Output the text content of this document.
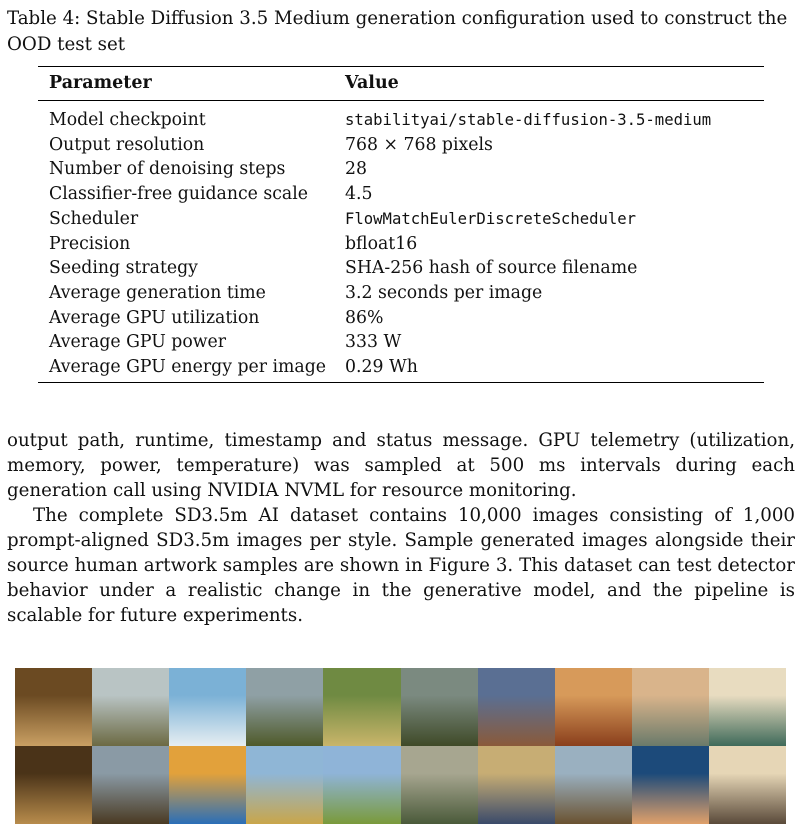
Table 4: Stable Diffusion 3.5 Medium generation configuration used to construct the OOD test set
Parameter	Value
Model checkpoint	stabilityai/stable-diffusion-3.5-medium
Output resolution	768 × 768 pixels
Number of denoising steps	28
Classifier-free guidance scale 4.5
Scheduler	FlowMatchEulerDiscreteScheduler
Precision	bfloat16
Seeding strategy	SHA-256 hash of source filename
Average generation time	3.2 seconds per image
Average GPU utilization	86%
Average GPU power	333 W
Average GPU energy per image 0.29 Wh

output path, runtime, timestamp and status message. GPU telemetry (utilization, memory, power, temperature) was sampled at 500 ms intervals during each generation call using NVIDIA NVML for resource monitoring.

The complete SD3.5m AI dataset contains 10,000 images consisting of 1,000 prompt-aligned SD3.5m images per style. Sample generated images alongside their source human artwork samples are shown in Figure 3. This dataset can test detector behavior under a realistic change in the generative model, and the pipeline is scalable for future experiments.
